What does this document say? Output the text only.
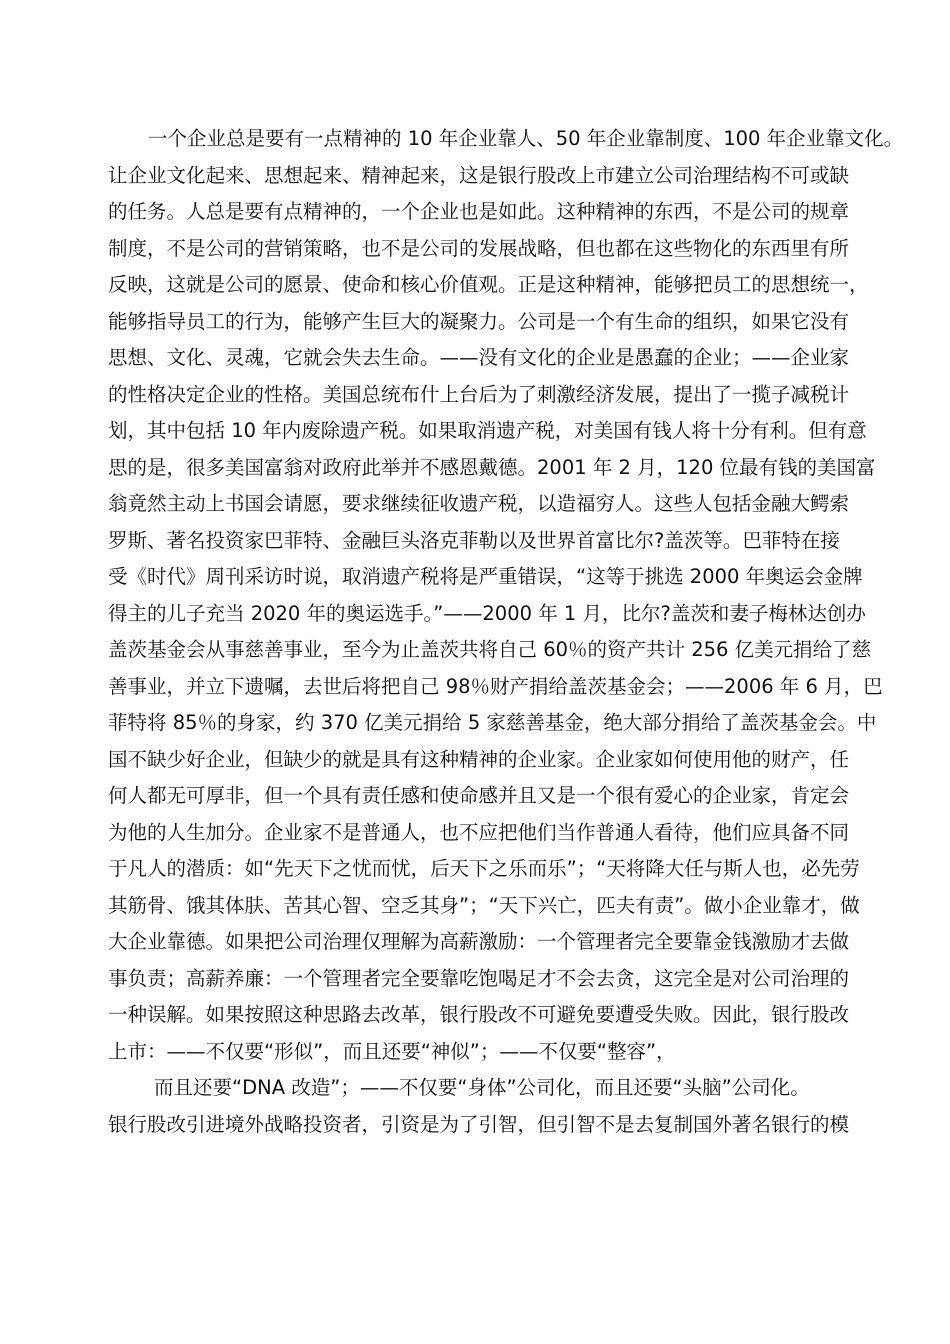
一个企业总是要有一点精神的 10 年企业靠人、50 年企业靠制度、100 年企业靠文化。
让企业文化起来、思想起来、精神起来，这是银行股改上市建立公司治理结构不可或缺
的任务。人总是要有点精神的，一个企业也是如此。这种精神的东西，不是公司的规章
制度，不是公司的营销策略，也不是公司的发展战略，但也都在这些物化的东西里有所
反映，这就是公司的愿景、使命和核心价值观。正是这种精神，能够把员工的思想统一，
能够指导员工的行为，能够产生巨大的凝聚力。公司是一个有生命的组织，如果它没有
思想、文化、灵魂，它就会失去生命。——没有文化的企业是愚蠢的企业；——企业家
的性格决定企业的性格。美国总统布什上台后为了刺激经济发展，提出了一揽子减税计
划，其中包括 10 年内废除遗产税。如果取消遗产税，对美国有钱人将十分有利。但有意
思的是，很多美国富翁对政府此举并不感恩戴德。2001 年 2 月，120 位最有钱的美国富
翁竟然主动上书国会请愿，要求继续征收遗产税，以造福穷人。这些人包括金融大鳄索
罗斯、著名投资家巴菲特、金融巨头洛克菲勒以及世界首富比尔?盖茨等。巴菲特在接
受《时代》周刊采访时说，取消遗产税将是严重错误，“这等于挑选 2000 年奥运会金牌
得主的儿子充当 2020 年的奥运选手。”——2000 年 1 月，比尔?盖茨和妻子梅林达创办
盖茨基金会从事慈善事业，至今为止盖茨共将自己 60％的资产共计 256 亿美元捐给了慈
善事业，并立下遗嘱，去世后将把自己 98％财产捐给盖茨基金会；——2006 年 6 月，巴
菲特将 85％的身家，约 370 亿美元捐给 5 家慈善基金，绝大部分捐给了盖茨基金会。中
国不缺少好企业，但缺少的就是具有这种精神的企业家。企业家如何使用他的财产，任
何人都无可厚非，但一个具有责任感和使命感并且又是一个很有爱心的企业家，肯定会
为他的人生加分。企业家不是普通人，也不应把他们当作普通人看待，他们应具备不同
于凡人的潜质：如“先天下之忧而忧，后天下之乐而乐”；“天将降大任与斯人也，必先劳
其筋骨、饿其体肤、苦其心智、空乏其身”；“天下兴亡，匹夫有责”。做小企业靠才，做
大企业靠德。如果把公司治理仅理解为高薪激励：一个管理者完全要靠金钱激励才去做
事负责；高薪养廉：一个管理者完全要靠吃饱喝足才不会去贪，这完全是对公司治理的
一种误解。如果按照这种思路去改革，银行股改不可避免要遭受失败。因此，银行股改
上市：——不仅要“形似”，而且还要“神似”；——不仅要“整容”，
而且还要“DNA 改造”；——不仅要“身体”公司化，而且还要“头脑”公司化。
银行股改引进境外战略投资者，引资是为了引智，但引智不是去复制国外著名银行的模
